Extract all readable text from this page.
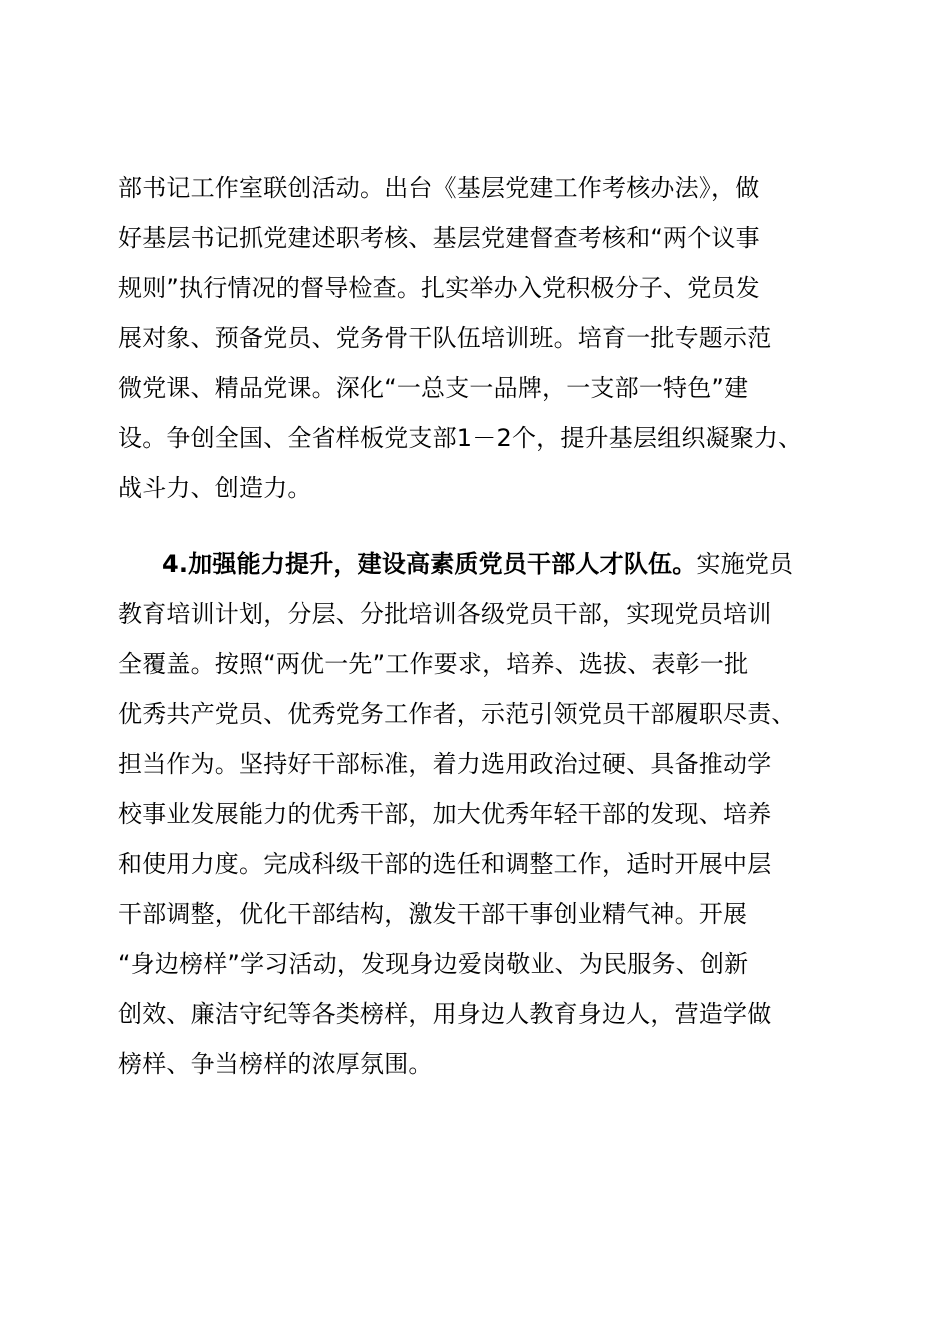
部书记工作室联创活动。出台《基层党建工作考核办法》，做
好基层书记抓党建述职考核、基层党建督查考核和“两个议事
规则”执行情况的督导检查。扎实举办入党积极分子、党员发
展对象、预备党员、党务骨干队伍培训班。培育一批专题示范
微党课、精品党课。深化“一总支一品牌，一支部一特色”建
设。争创全国、全省样板党支部1－2个，提升基层组织凝聚力、
战斗力、创造力。
4.加强能力提升，建设高素质党员干部人才队伍。实施党员
教育培训计划，分层、分批培训各级党员干部，实现党员培训
全覆盖。按照“两优一先”工作要求，培养、选拔、表彰一批
优秀共产党员、优秀党务工作者，示范引领党员干部履职尽责、
担当作为。坚持好干部标准，着力选用政治过硬、具备推动学
校事业发展能力的优秀干部，加大优秀年轻干部的发现、培养
和使用力度。完成科级干部的选任和调整工作，适时开展中层
干部调整，优化干部结构，激发干部干事创业精气神。开展
“身边榜样”学习活动，发现身边爱岗敬业、为民服务、创新
创效、廉洁守纪等各类榜样，用身边人教育身边人，营造学做
榜样、争当榜样的浓厚氛围。
